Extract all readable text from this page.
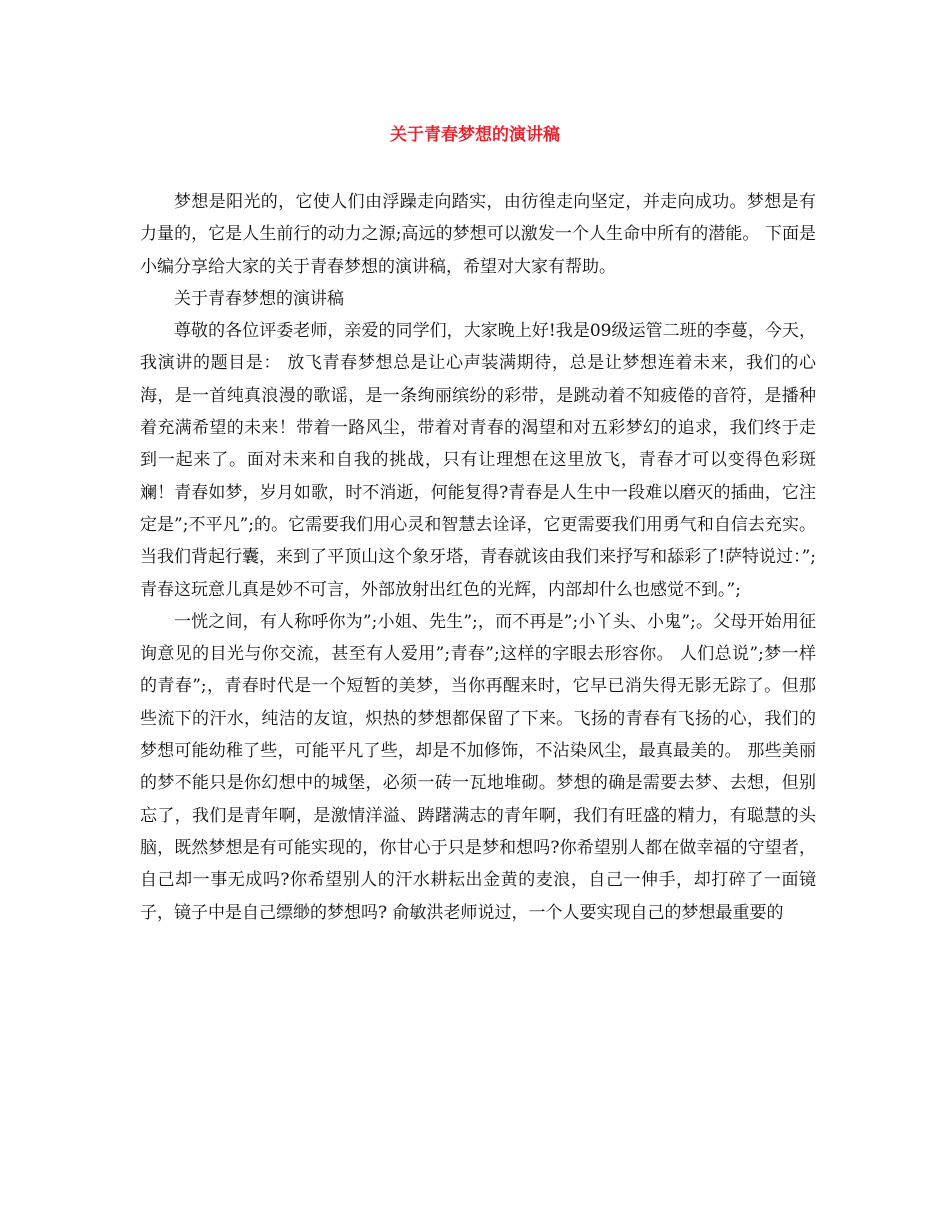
关于青春梦想的演讲稿

梦想是阳光的，它使人们由浮躁走向踏实，由彷徨走向坚定，并走向成功。梦想是有力量的，它是人生前行的动力之源;高远的梦想可以激发一个人生命中所有的潜能。 下面是小编分享给大家的关于青春梦想的演讲稿，希望对大家有帮助。

关于青春梦想的演讲稿

尊敬的各位评委老师，亲爱的同学们，大家晚上好!我是09级运管二班的李蔓，今天，我演讲的题目是： 放飞青春梦想总是让心声装满期待，总是让梦想连着未来，我们的心海，是一首纯真浪漫的歌谣，是一条绚丽缤纷的彩带，是跳动着不知疲倦的音符，是播种着充满希望的未来！带着一路风尘，带着对青春的渴望和对五彩梦幻的追求，我们终于走到一起来了。面对未来和自我的挑战，只有让理想在这里放飞，青春才可以变得色彩斑斓！青春如梦，岁月如歌，时不消逝，何能复得?青春是人生中一段难以磨灭的插曲，它注定是”;不平凡”;的。它需要我们用心灵和智慧去诠译，它更需要我们用勇气和自信去充实。当我们背起行囊，来到了平顶山这个象牙塔，青春就该由我们来抒写和舔彩了!萨特说过：”;青春这玩意儿真是妙不可言，外部放射出红色的光辉，内部却什么也感觉不到。”;

一恍之间，有人称呼你为”;小姐、先生”;，而不再是”;小丫头、小鬼”;。父母开始用征询意见的目光与你交流，甚至有人爱用”;青春”;这样的字眼去形容你。 人们总说”;梦一样的青春”;，青春时代是一个短暂的美梦，当你再醒来时，它早已消失得无影无踪了。但那些流下的汗水，纯洁的友谊，炽热的梦想都保留了下来。飞扬的青春有飞扬的心，我们的梦想可能幼稚了些，可能平凡了些，却是不加修饰，不沾染风尘，最真最美的。 那些美丽的梦不能只是你幻想中的城堡，必须一砖一瓦地堆砌。梦想的确是需要去梦、去想，但别忘了，我们是青年啊，是激情洋溢、踌躇满志的青年啊，我们有旺盛的精力，有聪慧的头脑，既然梦想是有可能实现的，你甘心于只是梦和想吗?你希望别人都在做幸福的守望者，自己却一事无成吗?你希望别人的汗水耕耘出金黄的麦浪，自己一伸手，却打碎了一面镜子，镜子中是自己缥缈的梦想吗? 俞敏洪老师说过，一个人要实现自己的梦想最重要的
